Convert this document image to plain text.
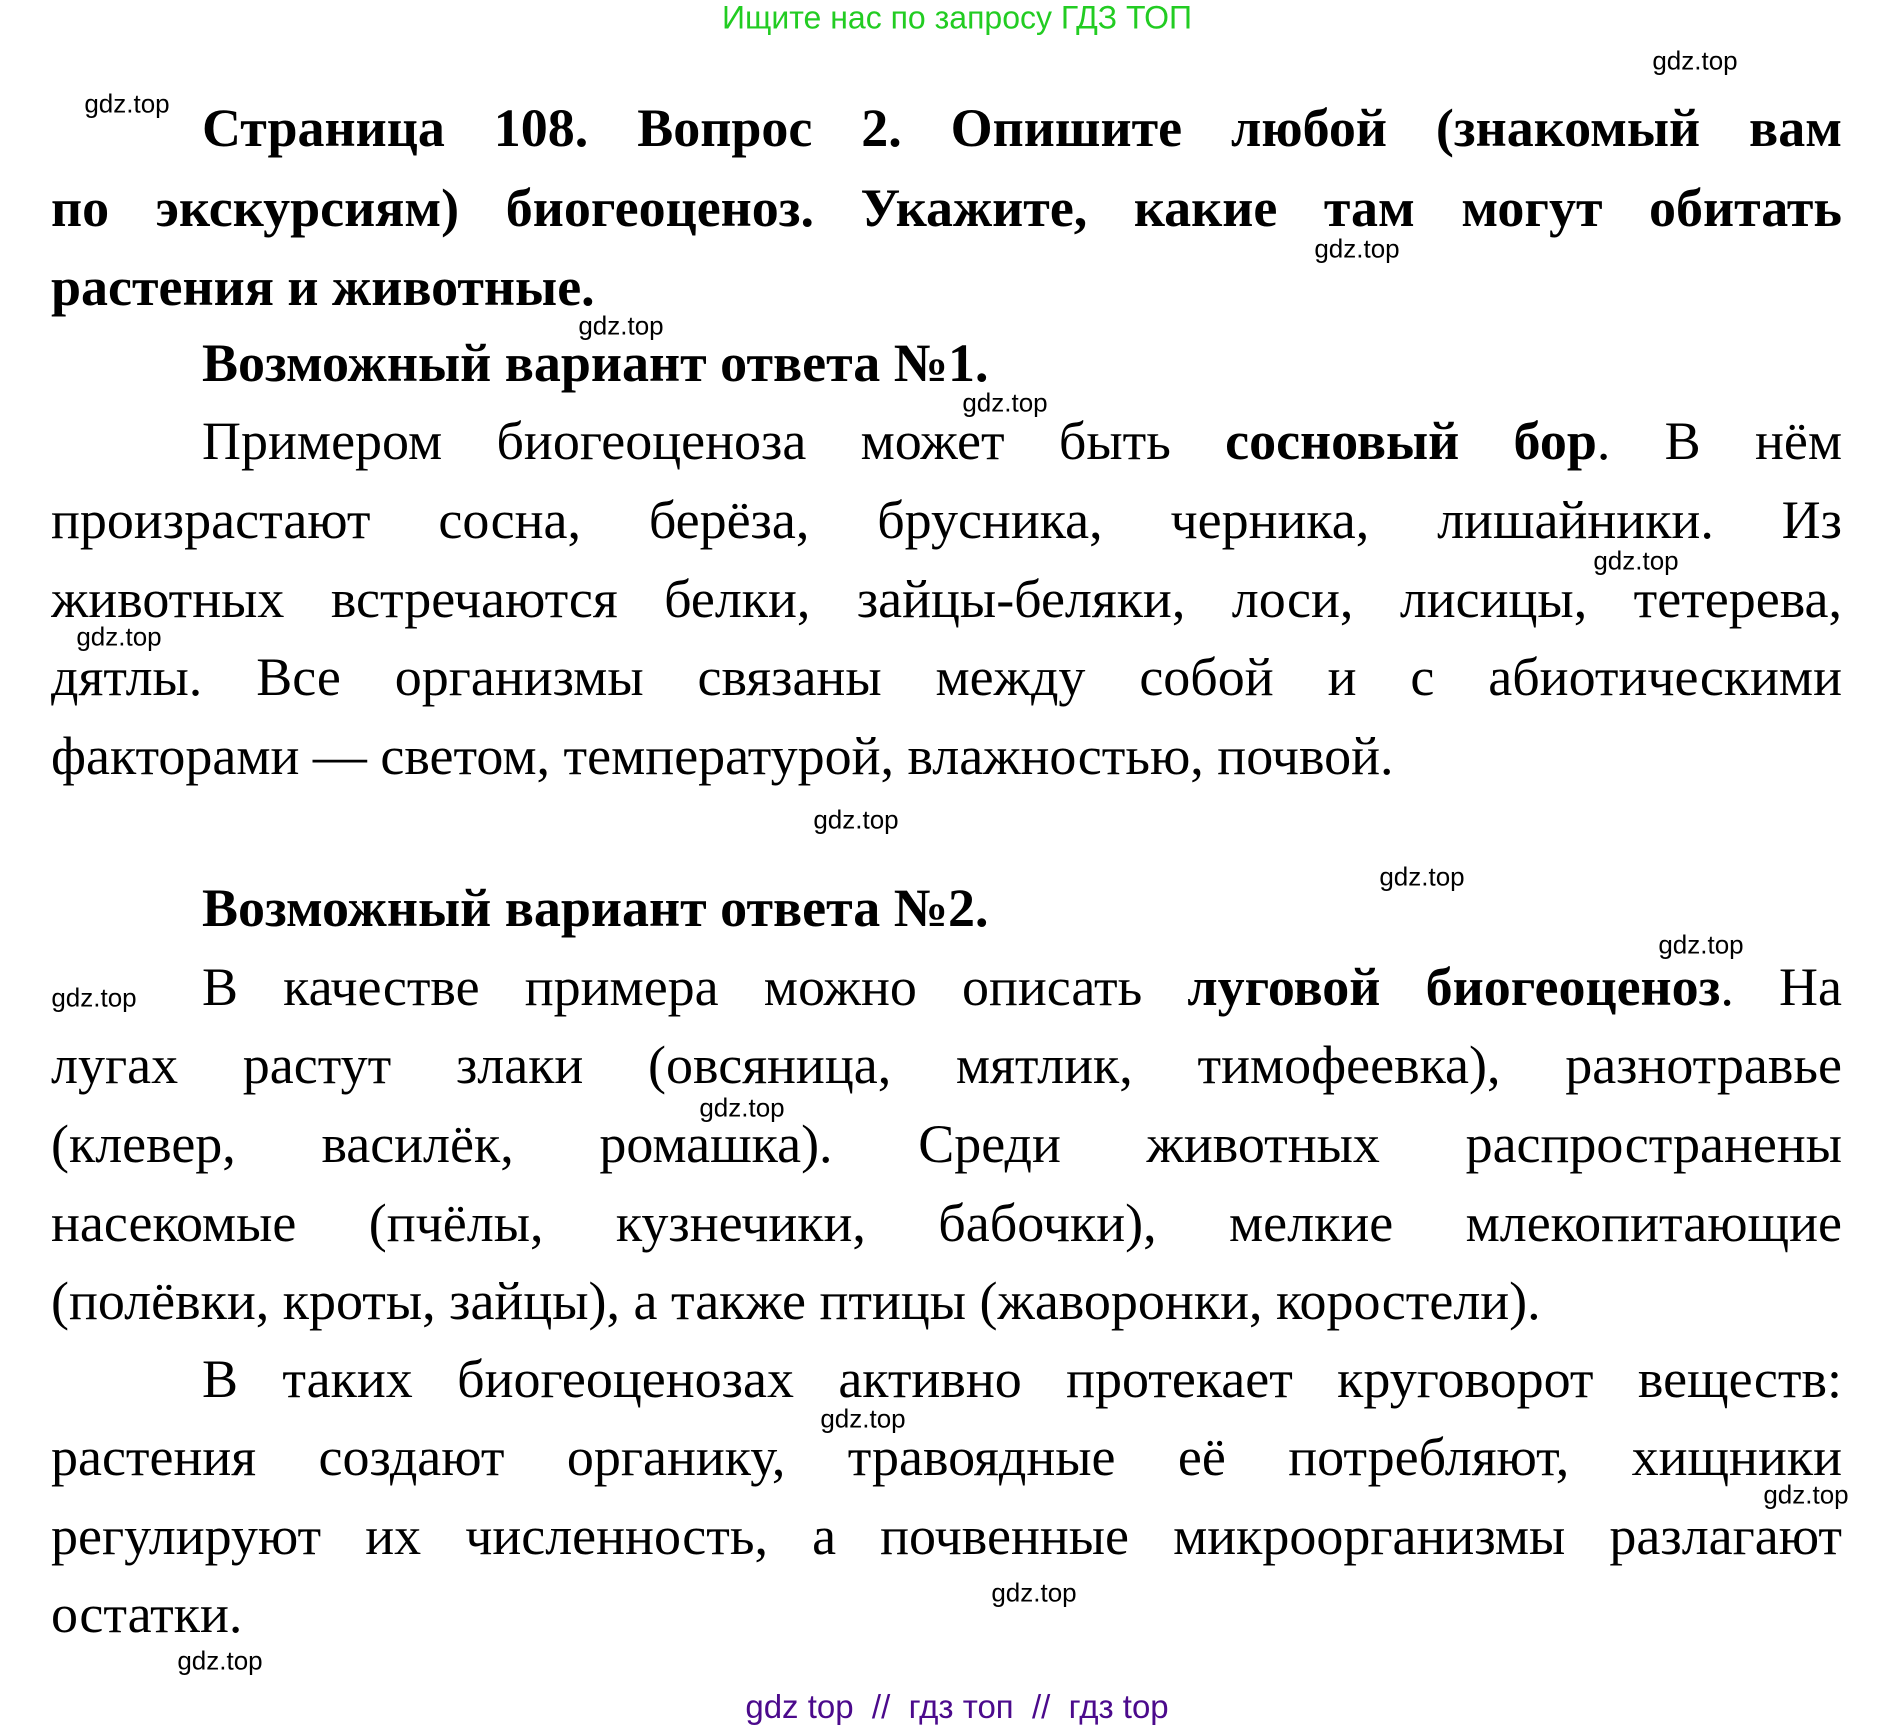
Ищите нас по запросу ГДЗ ТОП
Страница 108. Вопрос 2. Опишите любой (знакомый вам
по экскурсиям) биогеоценоз. Укажите, какие там могут обитать
растения и животные.
Возможный вариант ответа №1.
Примером биогеоценоза может быть сосновый бор. В нём
произрастают сосна, берёза, брусника, черника, лишайники. Из
животных встречаются белки, зайцы-беляки, лоси, лисицы, тетерева,
дятлы. Все организмы связаны между собой и с абиотическими
факторами — светом, температурой, влажностью, почвой.
Возможный вариант ответа №2.
В качестве примера можно описать луговой биогеоценоз. На
лугах растут злаки (овсяница, мятлик, тимофеевка), разнотравье
(клевер, василёк, ромашка). Среди животных распространены
насекомые (пчёлы, кузнечики, бабочки), мелкие млекопитающие
(полёвки, кроты, зайцы), а также птицы (жаворонки, коростели).
В таких биогеоценозах активно протекает круговорот веществ:
растения создают органику, травоядные её потребляют, хищники
регулируют их численность, а почвенные микроорганизмы разлагают
остатки.
gdz.top
gdz.top
gdz.top
gdz.top
gdz.top
gdz.top
gdz.top
gdz.top
gdz.top
gdz.top
gdz.top
gdz.top
gdz.top
gdz.top
gdz.top
gdz.top
gdz top  //  гдз топ  //  гдз top
